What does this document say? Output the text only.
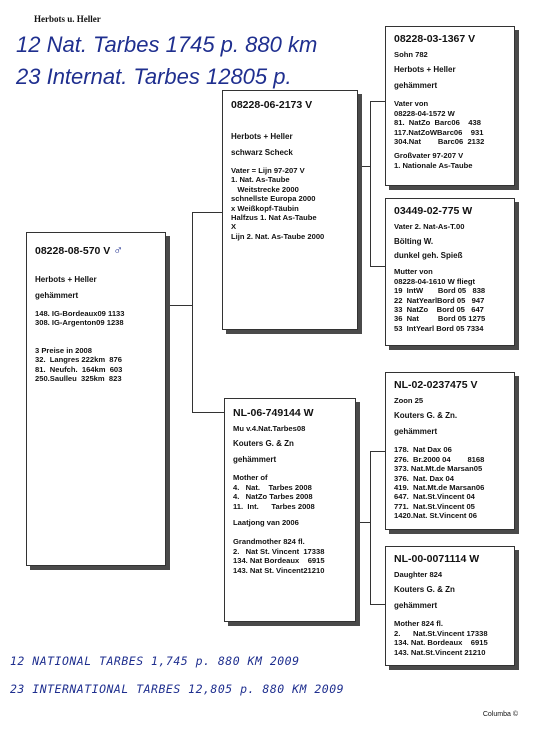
Herbots u. Heller
12 Nat. Tarbes 1745 p. 880 km
23 Internat. Tarbes 12805 p.
08228-08-570 V ♂
Herbots + Heller
gehämmert
148. IG-Bordeaux09 1133
308. IG-Argenton09 1238
3 Preise in 2008
32.  Langres 222km  876
81.  Neufch.  164km  603
250.Saulleu  325km  823
08228-06-2173 V
Herbots + Heller
schwarz Scheck
Vater = Lijn 97-207 V
1. Nat. As-Taube
Weitstrecke 2000
schnellste Europa 2000
x Weißkopf-Täubin
Halfzus 1. Nat As-Taube
X
Lijn 2. Nat. As-Taube 2000
NL-06-749144 W
Mu v.4.Nat.Tarbes08
Kouters G. & Zn
gehämmert
Mother of
4.   Nat.    Tarbes 2008
4.   NatZo Tarbes 2008
11.  Int.      Tarbes 2008
Laatjong van 2006
Grandmother 824 fl.
2.   Nat St. Vincent  17338
134. Nat Bordeaux    6915
143. Nat St. Vincent21210
08228-03-1367 V
Sohn 782
Herbots + Heller
gehämmert
Vater von
08228-04-1572 W
81.  NatZo  Barc06    438
117.NatZoWBarc06    931
304.Nat        Barc06  2132
Großvater 97-207 V
1. Nationale As-Taube
03449-02-775 W
Vater 2. Nat-As-T.00
Bölting W.
dunkel geh. Spieß
Mutter von
08228-04-1610 W fliegt
19  IntW       Bord 05   838
22  NatYearlBord 05   947
33  NatZo    Bord 05   647
36  Nat         Bord 05 1275
53  IntYearl Bord 05 7334
NL-02-0237475 V
Zoon 25
Kouters G. & Zn.
gehämmert
178.  Nat Dax 06
276.  Br.2000 04        8168
373. Nat.Mt.de Marsan05
376.  Nat. Dax 04
419.  Nat.Mt.de Marsan06
647.  Nat.St.Vincent 04
771.  Nat.St.Vincent 05
1420.Nat. St.Vincent 06
NL-00-0071114 W
Daughter 824
Kouters G. & Zn
gehämmert
Mother 824 fl.
2.      Nat.St.Vincent 17338
134. Nat. Bordeaux    6915
143. Nat.St.Vincent 21210
12 NATIONAL TARBES 1,745 p. 880 KM 2009
23 INTERNATIONAL TARBES 12,805 p. 880 KM 2009
Columba ©
